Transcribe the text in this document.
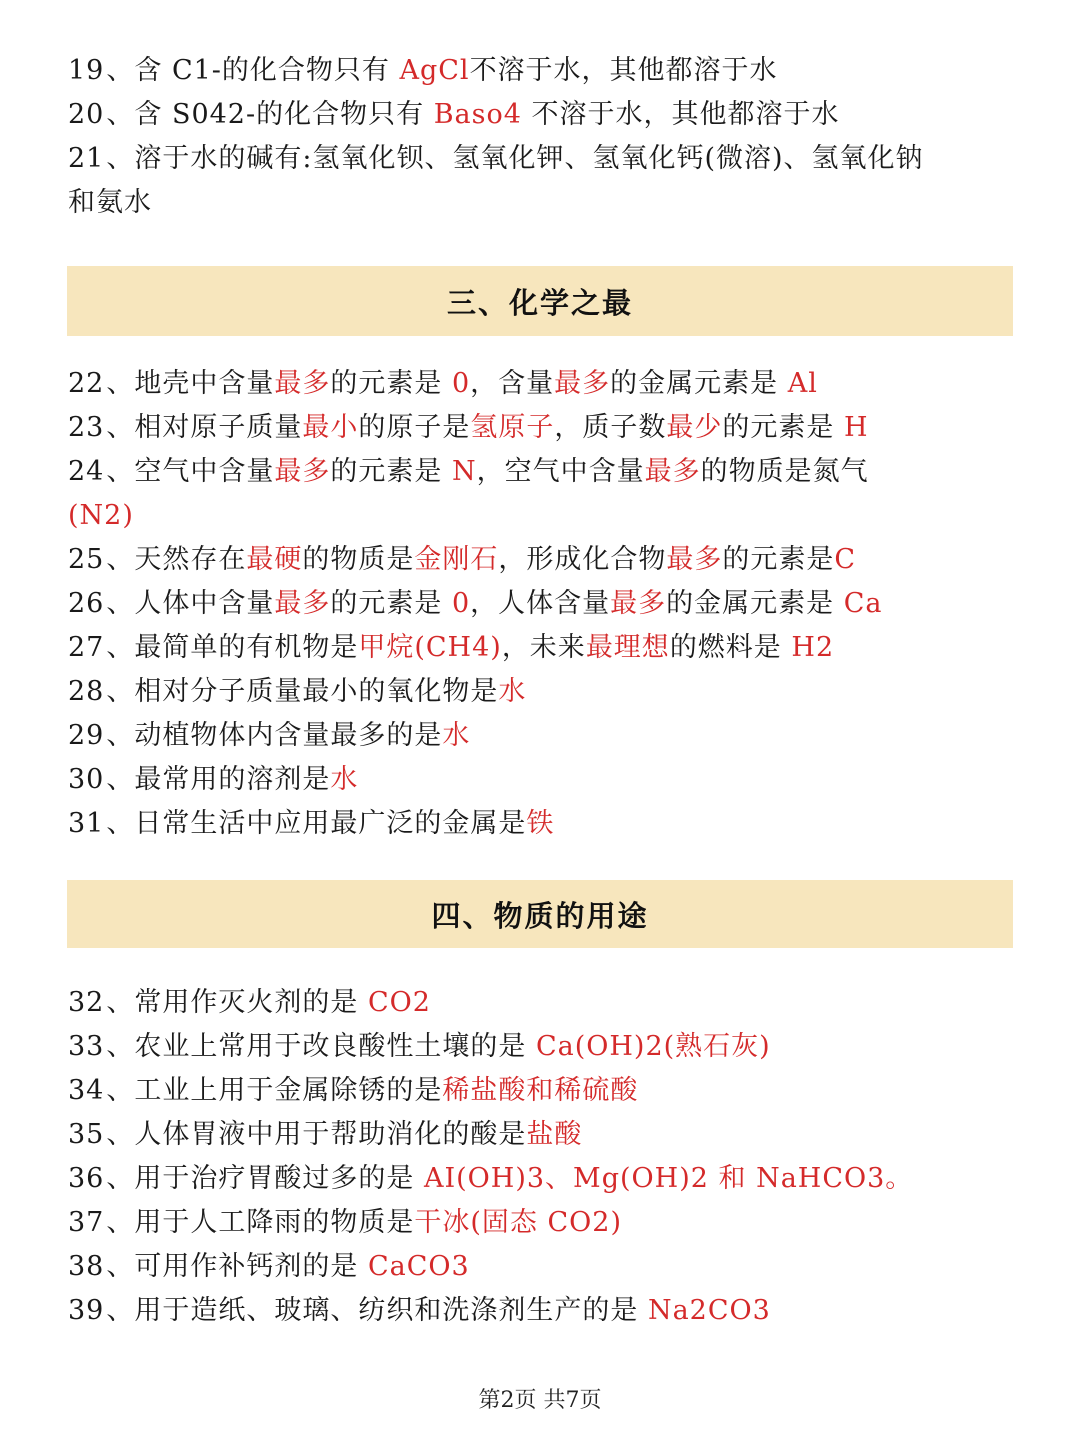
19、含 C1-的化合物只有 AgCl不溶于水，其他都溶于水
20、含 S042-的化合物只有 Baso4 不溶于水，其他都溶于水
21、溶于水的碱有:氢氧化钡、氢氧化钾、氢氧化钙(微溶)、氢氧化钠
和氨水
三、化学之最
22、地壳中含量最多的元素是 0，含量最多的金属元素是 Al
23、相对原子质量最小的原子是氢原子，质子数最少的元素是 H
24、空气中含量最多的元素是 N，空气中含量最多的物质是氮气
(N2)
25、天然存在最硬的物质是金刚石，形成化合物最多的元素是C
26、人体中含量最多的元素是 0，人体含量最多的金属元素是 Ca
27、最简单的有机物是甲烷(CH4)，未来最理想的燃料是 H2
28、相对分子质量最小的氧化物是水
29、动植物体内含量最多的是水
30、最常用的溶剂是水
31、日常生活中应用最广泛的金属是铁
四、物质的用途
32、常用作灭火剂的是 CO2
33、农业上常用于改良酸性土壤的是 Ca(OH)2(熟石灰)
34、工业上用于金属除锈的是稀盐酸和稀硫酸
35、人体胃液中用于帮助消化的酸是盐酸
36、用于治疗胃酸过多的是 AI(OH)3、Mg(OH)2 和 NaHCO3。
37、用于人工降雨的物质是干冰(固态 CO2)
38、可用作补钙剂的是 CaCO3
39、用于造纸、玻璃、纺织和洗涤剂生产的是 Na2CO3
第2页 共7页
